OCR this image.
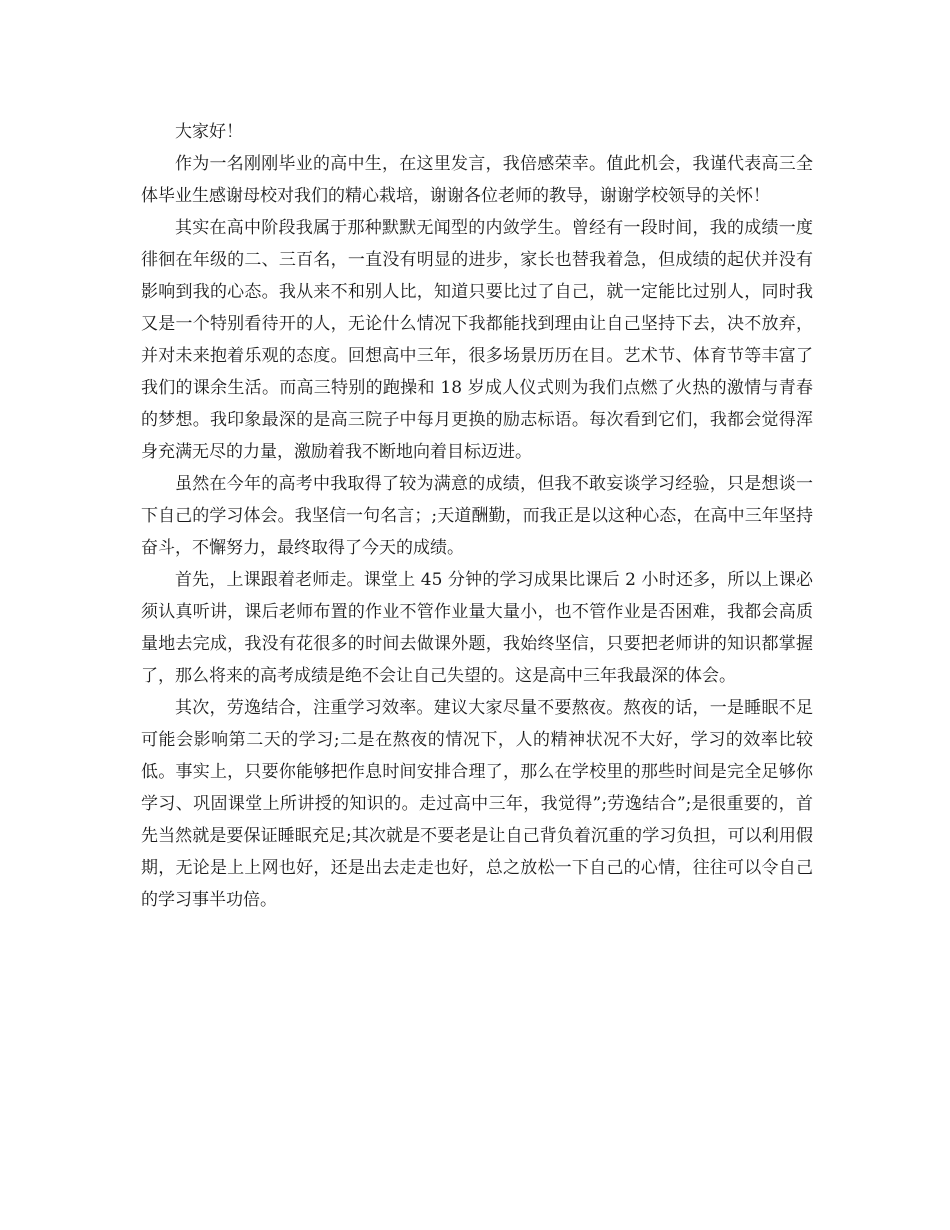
大家好！

作为一名刚刚毕业的高中生，在这里发言，我倍感荣幸。值此机会，我谨代表高三全体毕业生感谢母校对我们的精心栽培，谢谢各位老师的教导，谢谢学校领导的关怀！

其实在高中阶段我属于那种默默无闻型的内敛学生。曾经有一段时间，我的成绩一度徘徊在年级的二、三百名，一直没有明显的进步，家长也替我着急，但成绩的起伏并没有影响到我的心态。我从来不和别人比，知道只要比过了自己，就一定能比过别人，同时我又是一个特别看待开的人，无论什么情况下我都能找到理由让自己坚持下去，决不放弃，并对未来抱着乐观的态度。回想高中三年，很多场景历历在目。艺术节、体育节等丰富了我们的课余生活。而高三特别的跑操和 18 岁成人仪式则为我们点燃了火热的激情与青春的梦想。我印象最深的是高三院子中每月更换的励志标语。每次看到它们，我都会觉得浑身充满无尽的力量，激励着我不断地向着目标迈进。

虽然在今年的高考中我取得了较为满意的成绩，但我不敢妄谈学习经验，只是想谈一下自己的学习体会。我坚信一句名言；;天道酬勤，而我正是以这种心态，在高中三年坚持奋斗，不懈努力，最终取得了今天的成绩。

首先，上课跟着老师走。课堂上 45 分钟的学习成果比课后 2 小时还多，所以上课必须认真听讲，课后老师布置的作业不管作业量大量小，也不管作业是否困难，我都会高质量地去完成，我没有花很多的时间去做课外题，我始终坚信，只要把老师讲的知识都掌握了，那么将来的高考成绩是绝不会让自己失望的。这是高中三年我最深的体会。

其次，劳逸结合，注重学习效率。建议大家尽量不要熬夜。熬夜的话，一是睡眠不足可能会影响第二天的学习;二是在熬夜的情况下，人的精神状况不大好，学习的效率比较低。事实上，只要你能够把作息时间安排合理了，那么在学校里的那些时间是完全足够你学习、巩固课堂上所讲授的知识的。走过高中三年，我觉得”;劳逸结合”;是很重要的，首先当然就是要保证睡眠充足;其次就是不要老是让自己背负着沉重的学习负担，可以利用假期，无论是上上网也好，还是出去走走也好，总之放松一下自己的心情，往往可以令自己的学习事半功倍。
